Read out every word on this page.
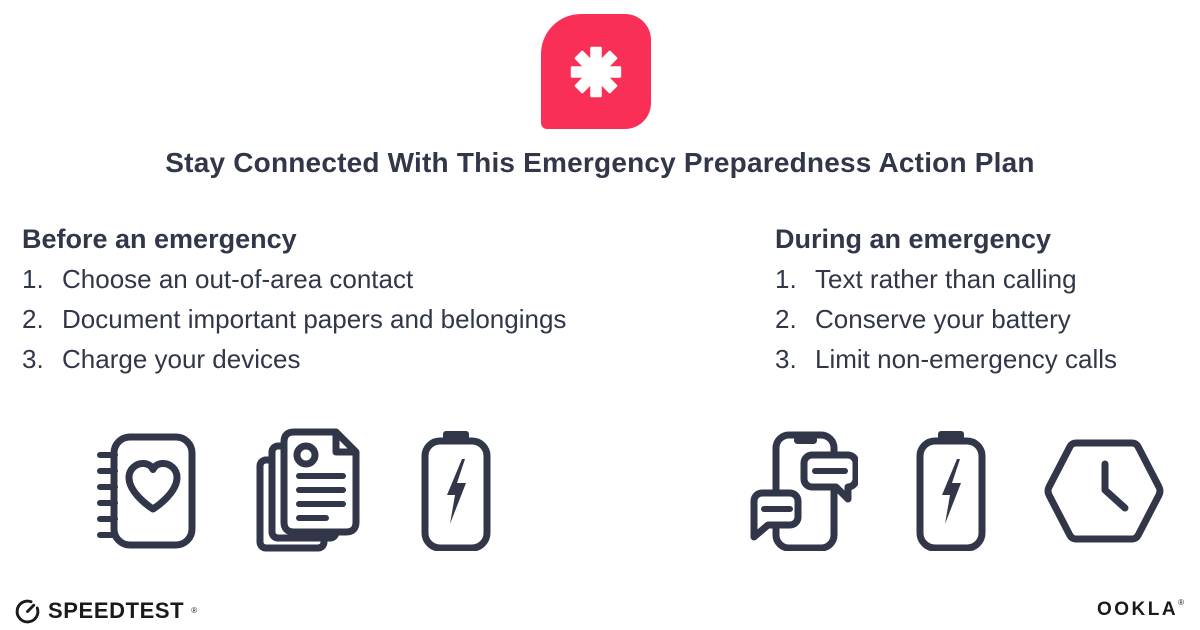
Stay Connected With This Emergency Preparedness Action Plan
Before an emergency
1. Choose an out-of-area contact
2. Document important papers and belongings
3. Charge your devices
During an emergency
1. Text rather than calling
2. Conserve your battery
3. Limit non-emergency calls
SPEEDTEST ®	OOKLA ®
